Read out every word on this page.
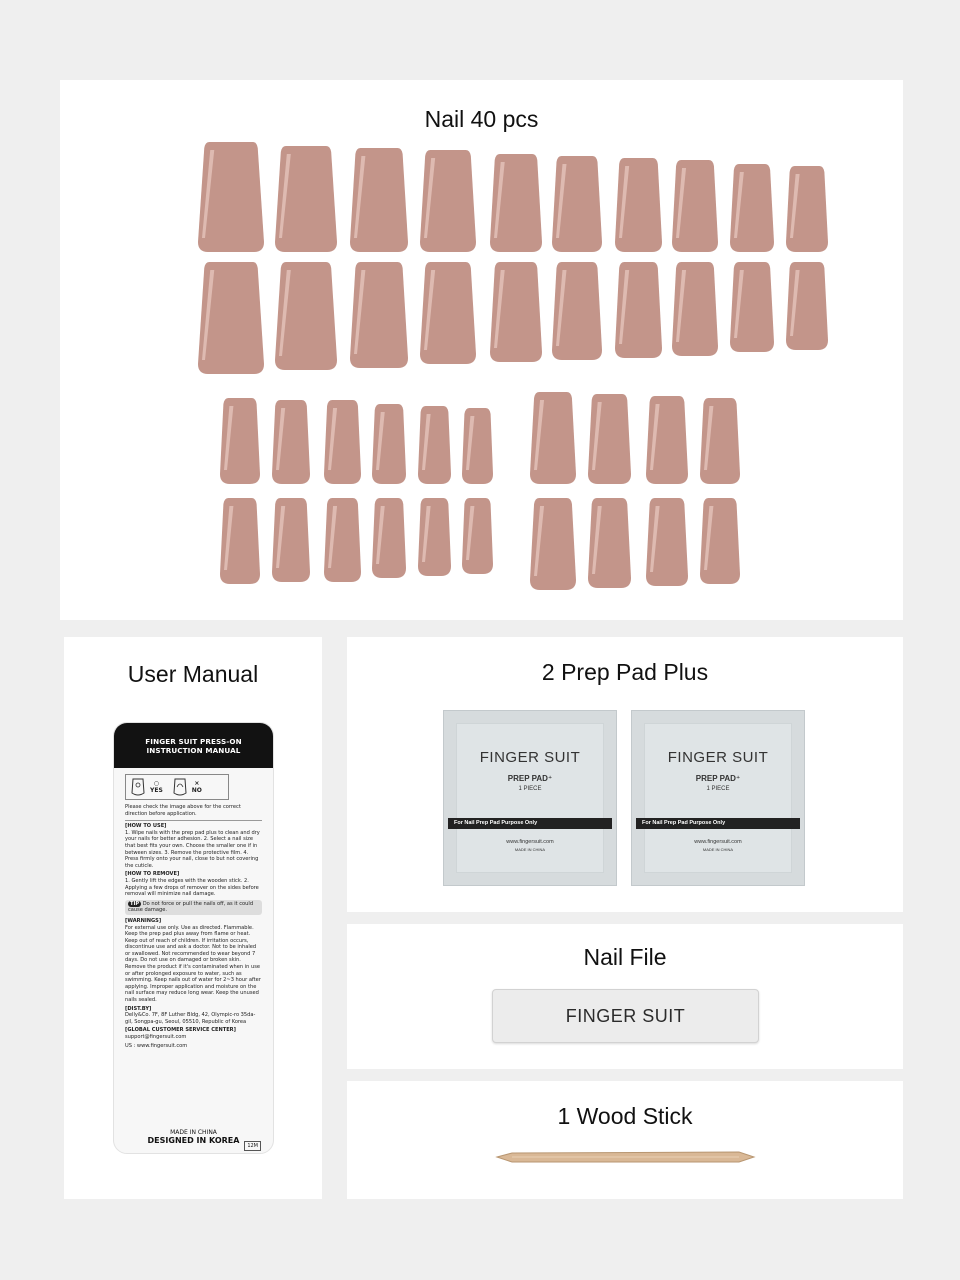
Nail 40 pcs
User Manual
FINGER SUIT PRESS-ON
INSTRUCTION MANUAL
○
YES
×
NO
Please check the image above for the correct direction before application.
[HOW TO USE]
1. Wipe nails with the prep pad plus to clean and dry your nails for better adhesion. 2. Select a nail size that best fits your own. Choose the smaller one if in between sizes. 3. Remove the protective film. 4. Press firmly onto your nail, close to but not covering the cuticle.
[HOW TO REMOVE]
1. Gently lift the edges with the wooden stick. 2. Applying a few drops of remover on the sides before removal will minimize nail damage.
TIP Do not force or pull the nails off, as it could cause damage.
[WARNINGS]
For external use only. Use as directed. Flammable. Keep the prep pad plus away from flame or heat. Keep out of reach of children. If irritation occurs, discontinue use and ask a doctor. Not to be inhaled or swallowed. Not recommended to wear beyond 7 days. Do not use on damaged or broken skin. Remove the product if it's contaminated when in use or after prolonged exposure to water, such as swimming. Keep nails out of water for 2~3 hour after applying. Improper application and moisture on the nail surface may reduce long wear. Keep the unused nails sealed.
[DIST.BY]
Delly&Co. 7F, 8F Luther Bldg, 42, Olympic-ro 35da-gil, Songpa-gu, Seoul, 05510, Republic of Korea
[GLOBAL CUSTOMER SERVICE CENTER]
support@fingersuit.com
US : www.fingersuit.com
MADE IN CHINA
DESIGNED IN KOREA
12M
2 Prep Pad Plus
FINGER SUIT
PREP PAD⁺
1 PIECE
For Nail Prep Pad Purpose Only
www.fingersuit.com
MADE IN CHINA
FINGER SUIT
PREP PAD⁺
1 PIECE
For Nail Prep Pad Purpose Only
www.fingersuit.com
MADE IN CHINA
Nail File
FINGER SUIT
1 Wood Stick
